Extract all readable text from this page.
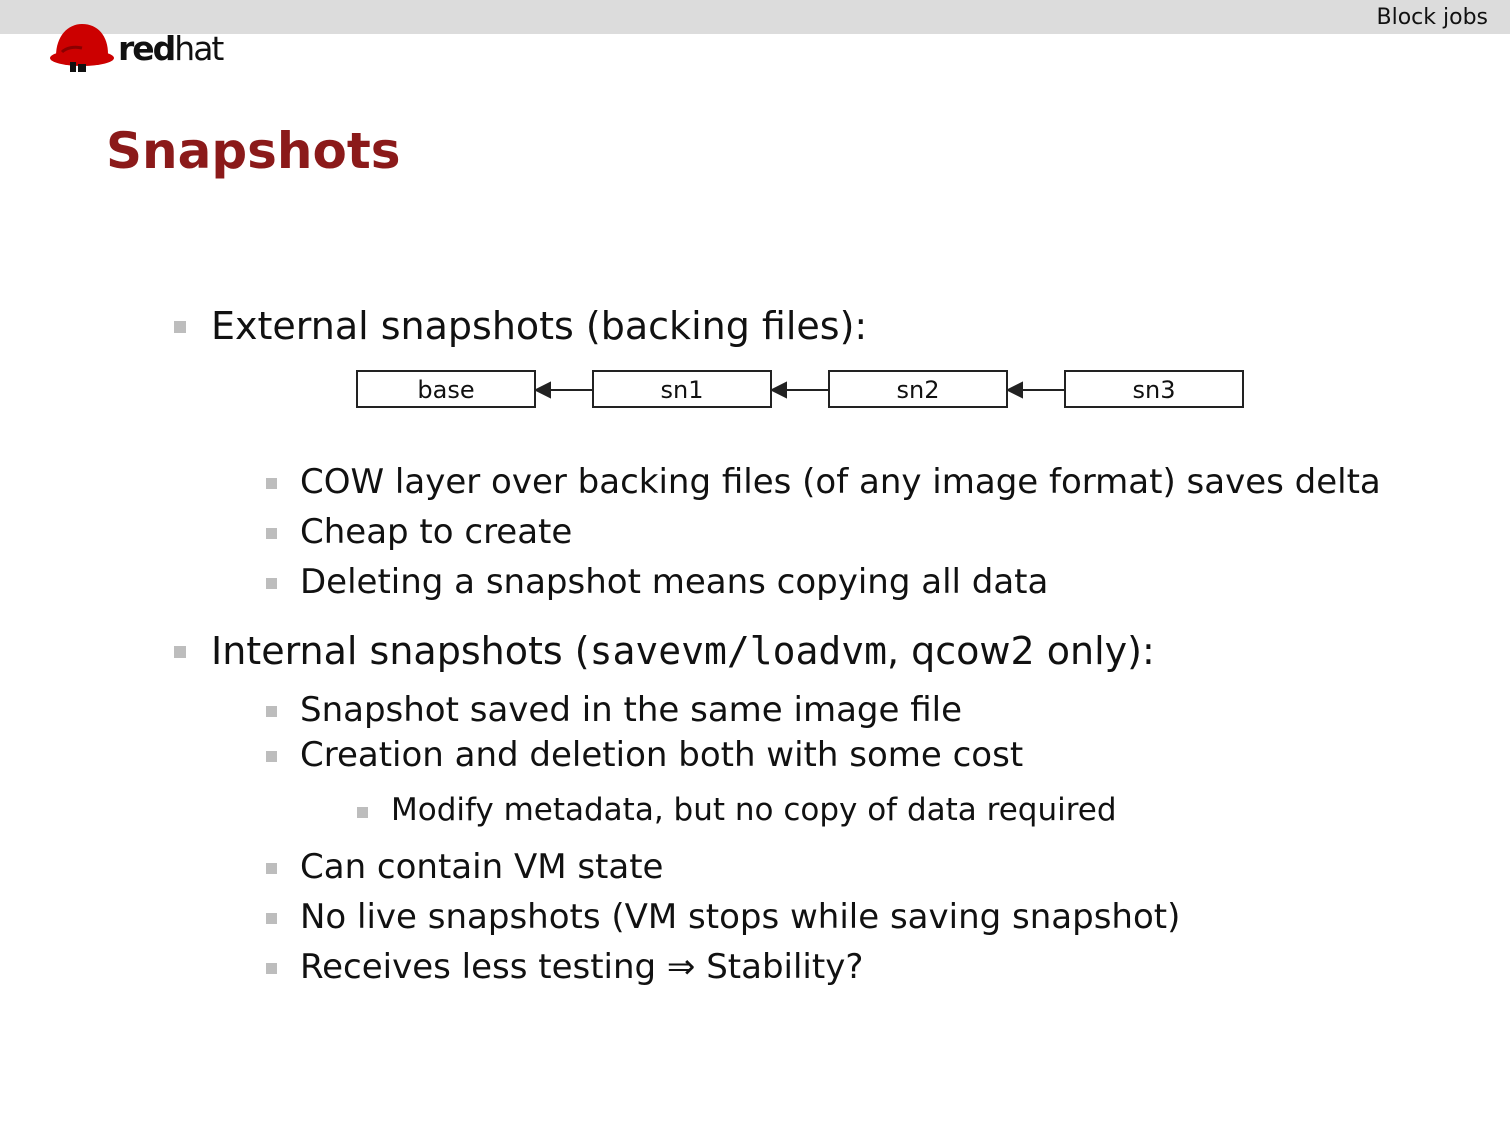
Block jobs
redhat
Snapshots
External snapshots (backing files):
base	sn1	sn2	sn3
COW layer over backing files (of any image format) saves delta
Cheap to create
Deleting a snapshot means copying all data
Internal snapshots (savevm/loadvm, qcow2 only):
Snapshot saved in the same image file
Creation and deletion both with some cost
Modify metadata, but no copy of data required
Can contain VM state
No live snapshots (VM stops while saving snapshot)
Receives less testing ⇒ Stability?
